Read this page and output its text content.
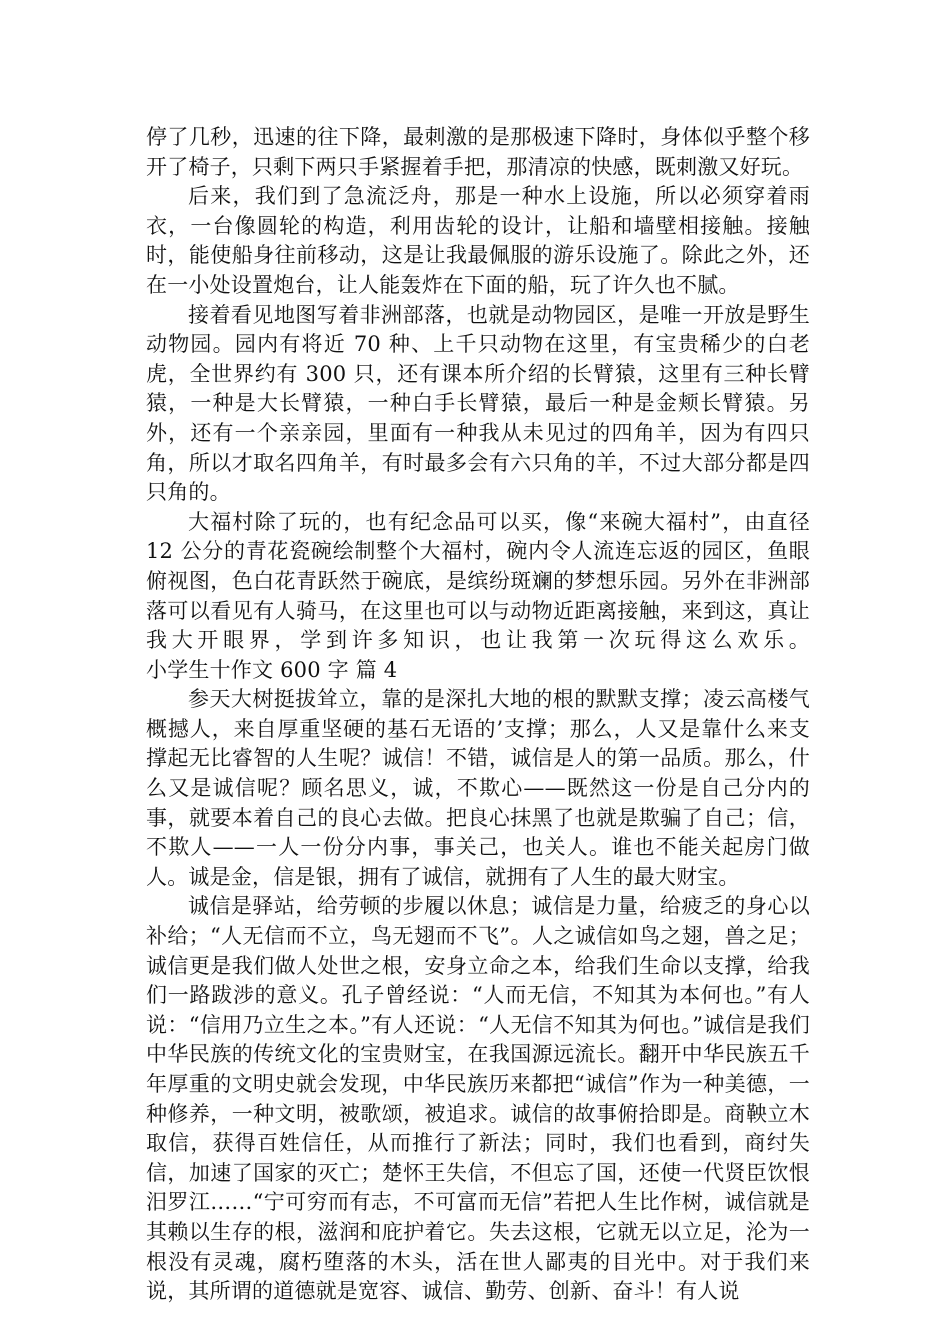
停了几秒，迅速的往下降，最刺激的是那极速下降时，身体似乎整个移开了椅子，只剩下两只手紧握着手把，那清凉的快感，既刺激又好玩。

后来，我们到了急流泛舟，那是一种水上设施，所以必须穿着雨衣，一台像圆轮的构造，利用齿轮的设计，让船和墙壁相接触。接触时，能使船身往前移动，这是让我最佩服的游乐设施了。除此之外，还在一小处设置炮台，让人能轰炸在下面的船，玩了许久也不腻。

接着看见地图写着非洲部落，也就是动物园区，是唯一开放是野生动物园。园内有将近 70 种、上千只动物在这里，有宝贵稀少的白老虎，全世界约有 300 只，还有课本所介绍的长臂猿，这里有三种长臂猿，一种是大长臂猿，一种白手长臂猿，最后一种是金颊长臂猿。另外，还有一个亲亲园，里面有一种我从未见过的四角羊，因为有四只角，所以才取名四角羊，有时最多会有六只角的羊，不过大部分都是四只角的。

大福村除了玩的，也有纪念品可以买，像“来碗大福村”，由直径 12 公分的青花瓷碗绘制整个大福村，碗内令人流连忘返的园区，鱼眼俯视图，色白花青跃然于碗底，是缤纷斑斓的梦想乐园。另外在非洲部落可以看见有人骑马，在这里也可以与动物近距离接触，来到这，真让我大开眼界，学到许多知识，也让我第一次玩得这么欢乐。小学生十作文 600 字 篇 4

参天大树挺拔耸立，靠的是深扎大地的根的默默支撑；凌云高楼气概撼人，来自厚重坚硬的基石无语的’支撑；那么，人又是靠什么来支撑起无比睿智的人生呢？诚信！不错，诚信是人的第一品质。那么，什么又是诚信呢？顾名思义，诚，不欺心——既然这一份是自己分内的事，就要本着自己的良心去做。把良心抹黑了也就是欺骗了自己；信，不欺人——一人一份分内事，事关己，也关人。谁也不能关起房门做人。诚是金，信是银，拥有了诚信，就拥有了人生的最大财宝。

诚信是驿站，给劳顿的步履以休息；诚信是力量，给疲乏的身心以补给；“人无信而不立，鸟无翅而不飞”。人之诚信如鸟之翅，兽之足；诚信更是我们做人处世之根，安身立命之本，给我们生命以支撑，给我们一路跋涉的意义。孔子曾经说：“人而无信，不知其为本何也。”有人说：“信用乃立生之本。”有人还说：“人无信不知其为何也。”诚信是我们中华民族的传统文化的宝贵财宝，在我国源远流长。翻开中华民族五千年厚重的文明史就会发现，中华民族历来都把“诚信”作为一种美德，一种修养，一种文明，被歌颂，被追求。诚信的故事俯拾即是。商鞅立木取信，获得百姓信任，从而推行了新法；同时，我们也看到，商纣失信，加速了国家的灭亡；楚怀王失信，不但忘了国，还使一代贤臣饮恨汨罗江……“宁可穷而有志，不可富而无信”若把人生比作树，诚信就是其赖以生存的根，滋润和庇护着它。失去这根，它就无以立足，沦为一根没有灵魂，腐朽堕落的木头，活在世人鄙夷的目光中。对于我们来说，其所谓的道德就是宽容、诚信、勤劳、创新、奋斗！有人说
